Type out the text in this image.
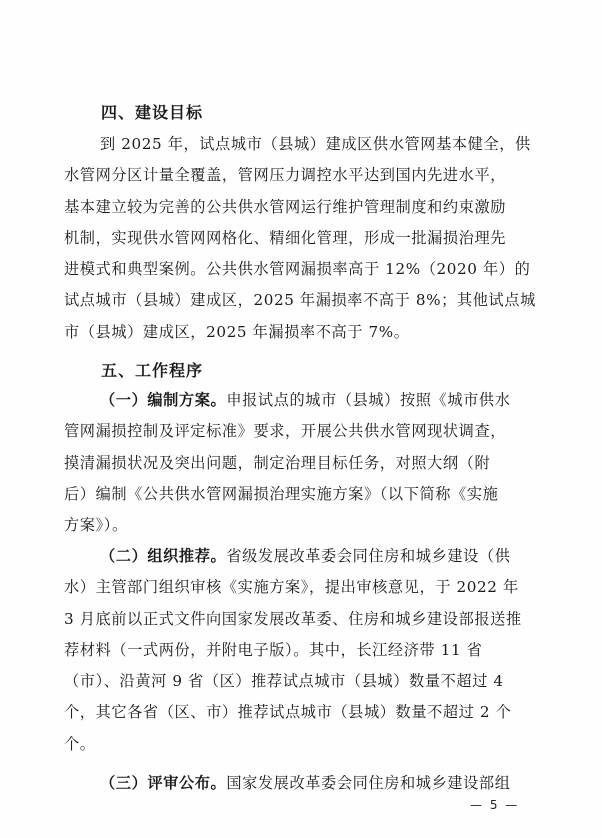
四、建设目标
到 2025 年，试点城市（县城）建成区供水管网基本健全，供
水管网分区计量全覆盖，管网压力调控水平达到国内先进水平，
基本建立较为完善的公共供水管网运行维护管理制度和约束激励
机制，实现供水管网网格化、精细化管理，形成一批漏损治理先
进模式和典型案例。公共供水管网漏损率高于 12%（2020 年）的
试点城市（县城）建成区，2025 年漏损率不高于 8%；其他试点城
市（县城）建成区，2025 年漏损率不高于 7%。
五、工作程序
（一）编制方案。申报试点的城市（县城）按照《城市供水
管网漏损控制及评定标准》要求，开展公共供水管网现状调查，
摸清漏损状况及突出问题，制定治理目标任务，对照大纲（附
后）编制《公共供水管网漏损治理实施方案》（以下简称《实施
方案》）。
（二）组织推荐。省级发展改革委会同住房和城乡建设（供
水）主管部门组织审核《实施方案》，提出审核意见，于 2022 年
3 月底前以正式文件向国家发展改革委、住房和城乡建设部报送推
荐材料（一式两份，并附电子版）。其中，长江经济带 11 省
（市）、沿黄河 9 省（区）推荐试点城市（县城）数量不超过 4
个，其它各省（区、市）推荐试点城市（县城）数量不超过 2 个
个。
（三）评审公布。国家发展改革委会同住房和城乡建设部组
— 5 —
